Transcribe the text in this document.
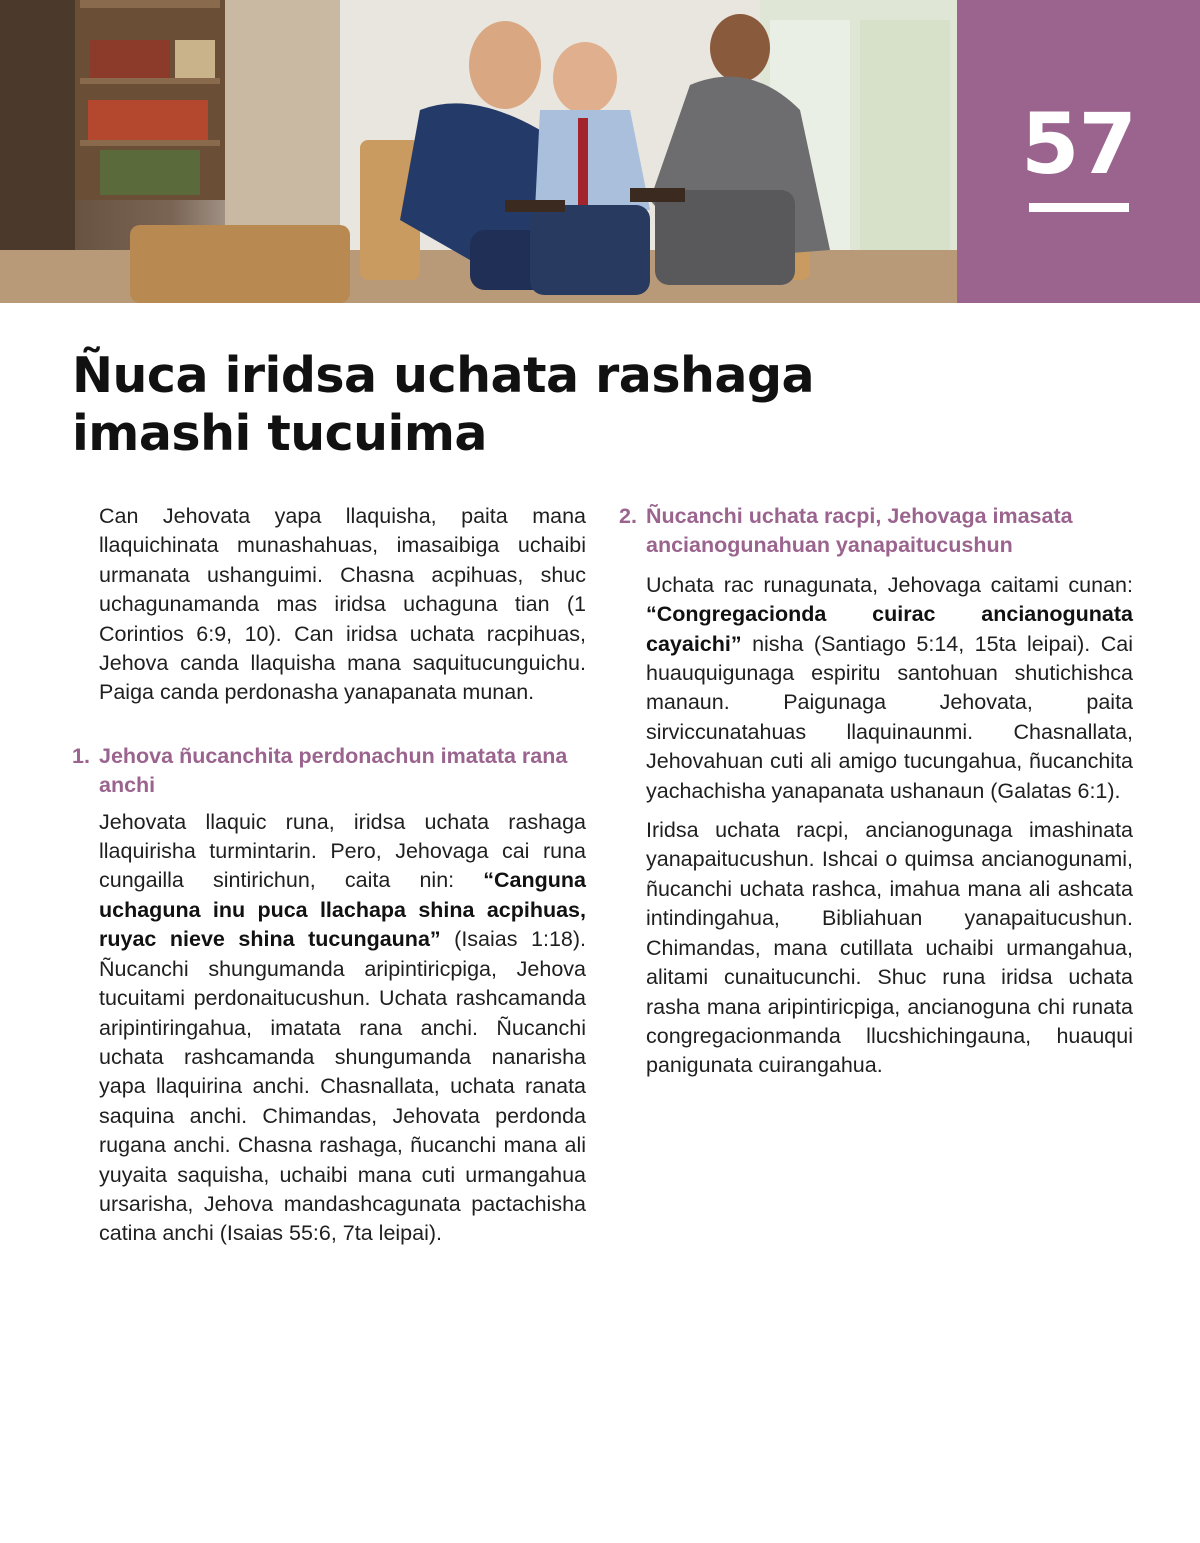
57
Ñuca iridsa uchata rashaga
imashi tucuima

Can Jehovata yapa llaquisha, paita mana llaquichinata munashahuas, imasaibiga uchaibi urmanata ushanguimi. Chasna acpihuas, shuc uchagunamanda mas iridsa uchaguna tian (1 Corintios 6:9, 10). Can iridsa uchata racpihuas, Jehova canda llaquisha mana saquitucunguichu. Paiga canda perdonasha yanapanata munan.

1. Jehova ñucanchita perdonachun imatata rana anchi

Jehovata llaquic runa, iridsa uchata rashaga llaquirisha turmintarin. Pero, Jehovaga cai runa cungailla sintirichun, caita nin: “Canguna uchaguna inu puca llachapa shina acpihuas, ruyac nieve shina tucungauna” (Isaias 1:18). Ñucanchi shungumanda aripintiricpiga, Jehova tucuitami perdonaitucushun. Uchata rashcamanda aripintiringahua, imatata rana anchi. Ñucanchi uchata rashcamanda shungumanda nanarisha yapa llaquirina anchi. Chasnallata, uchata ranata saquina anchi. Chimandas, Jehovata perdonda rugana anchi. Chasna rashaga, ñucanchi mana ali yuyaita saquisha, uchaibi mana cuti urmangahua ursarisha, Jehova mandashcagunata pactachisha catina anchi (Isaias 55:6, 7ta leipai).

2. Ñucanchi uchata racpi, Jehovaga imasata ancianogunahuan yanapaitucushun

Uchata rac runagunata, Jehovaga caitami cunan: “Congregacionda cuirac ancianogunata cayaichi” nisha (Santiago 5:14, 15ta leipai). Cai huauquigunaga espiritu santohuan shutichishca manaun. Paigunaga Jehovata, paita sirviccunatahuas llaquinaunmi. Chasnallata, Jehovahuan cuti ali amigo tucungahua, ñucanchita yachachisha yanapanata ushanaun (Galatas 6:1).

Iridsa uchata racpi, ancianogunaga imashinata yanapaitucushun. Ishcai o quimsa ancianogunami, ñucanchi uchata rashca, imahua mana ali ashcata intindingahua, Bibliahuan yanapaitucushun. Chimandas, mana cutillata uchaibi urmangahua, alitami cunaitucunchi. Shuc runa iridsa uchata rasha mana aripintiricpiga, ancianoguna chi runata congregacionmanda llucshichingauna, huauqui panigunata cuirangahua.
